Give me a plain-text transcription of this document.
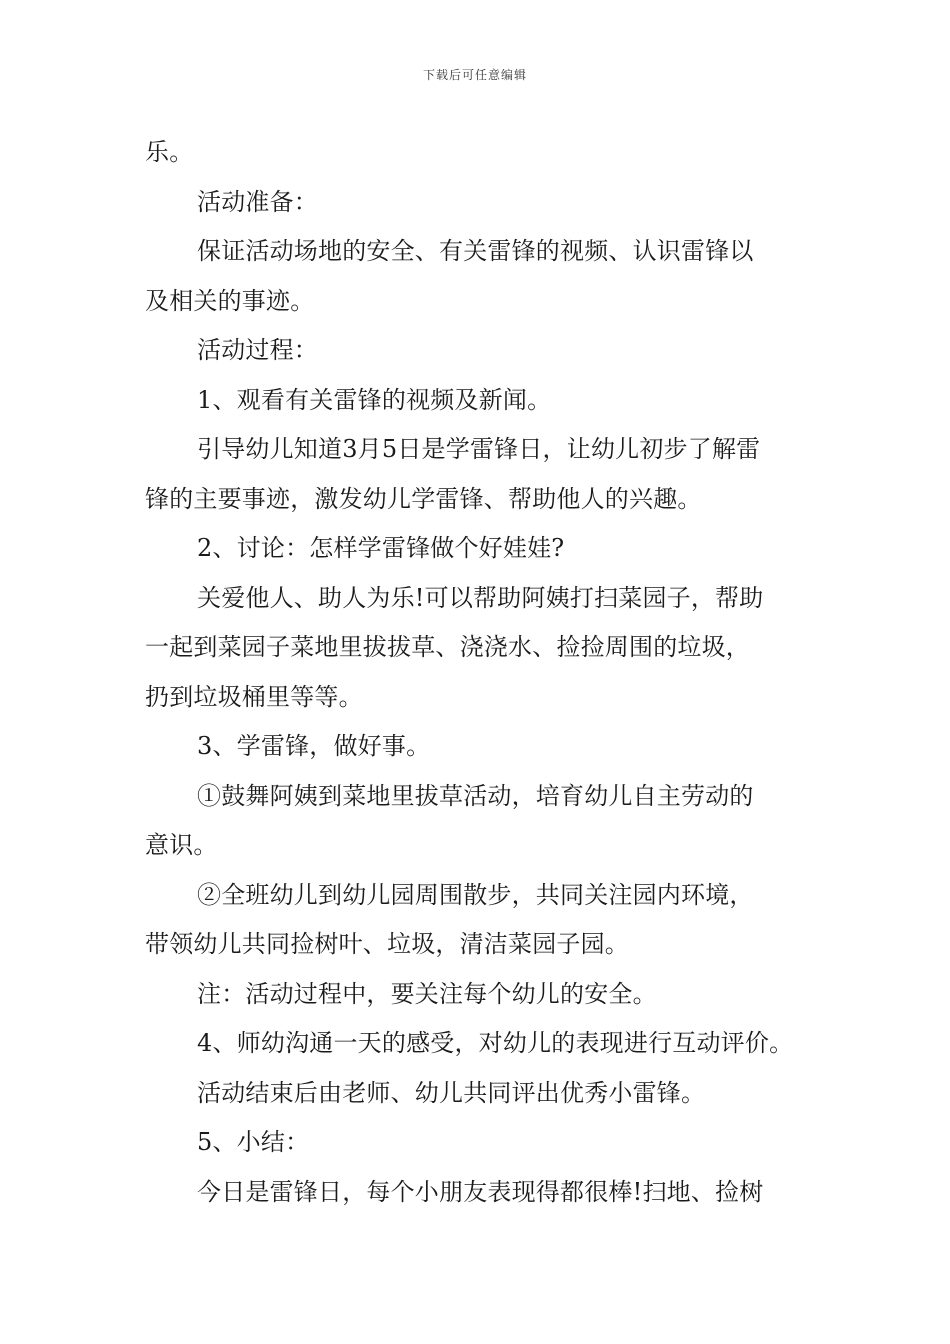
下载后可任意编辑
乐。
活动准备：
保证活动场地的安全、有关雷锋的视频、认识雷锋以
及相关的事迹。
活动过程：
1、观看有关雷锋的视频及新闻。
引导幼儿知道3月5日是学雷锋日，让幼儿初步了解雷
锋的主要事迹，激发幼儿学雷锋、帮助他人的兴趣。
2、讨论：怎样学雷锋做个好娃娃?
关爱他人、助人为乐!可以帮助阿姨打扫菜园子，帮助
一起到菜园子菜地里拔拔草、浇浇水、捡捡周围的垃圾，
扔到垃圾桶里等等。
3、学雷锋，做好事。
①鼓舞阿姨到菜地里拔草活动，培育幼儿自主劳动的
意识。
②全班幼儿到幼儿园周围散步，共同关注园内环境，
带领幼儿共同捡树叶、垃圾，清洁菜园子园。
注：活动过程中，要关注每个幼儿的安全。
4、师幼沟通一天的感受，对幼儿的表现进行互动评价。
活动结束后由老师、幼儿共同评出优秀小雷锋。
5、小结：
今日是雷锋日，每个小朋友表现得都很棒!扫地、捡树
